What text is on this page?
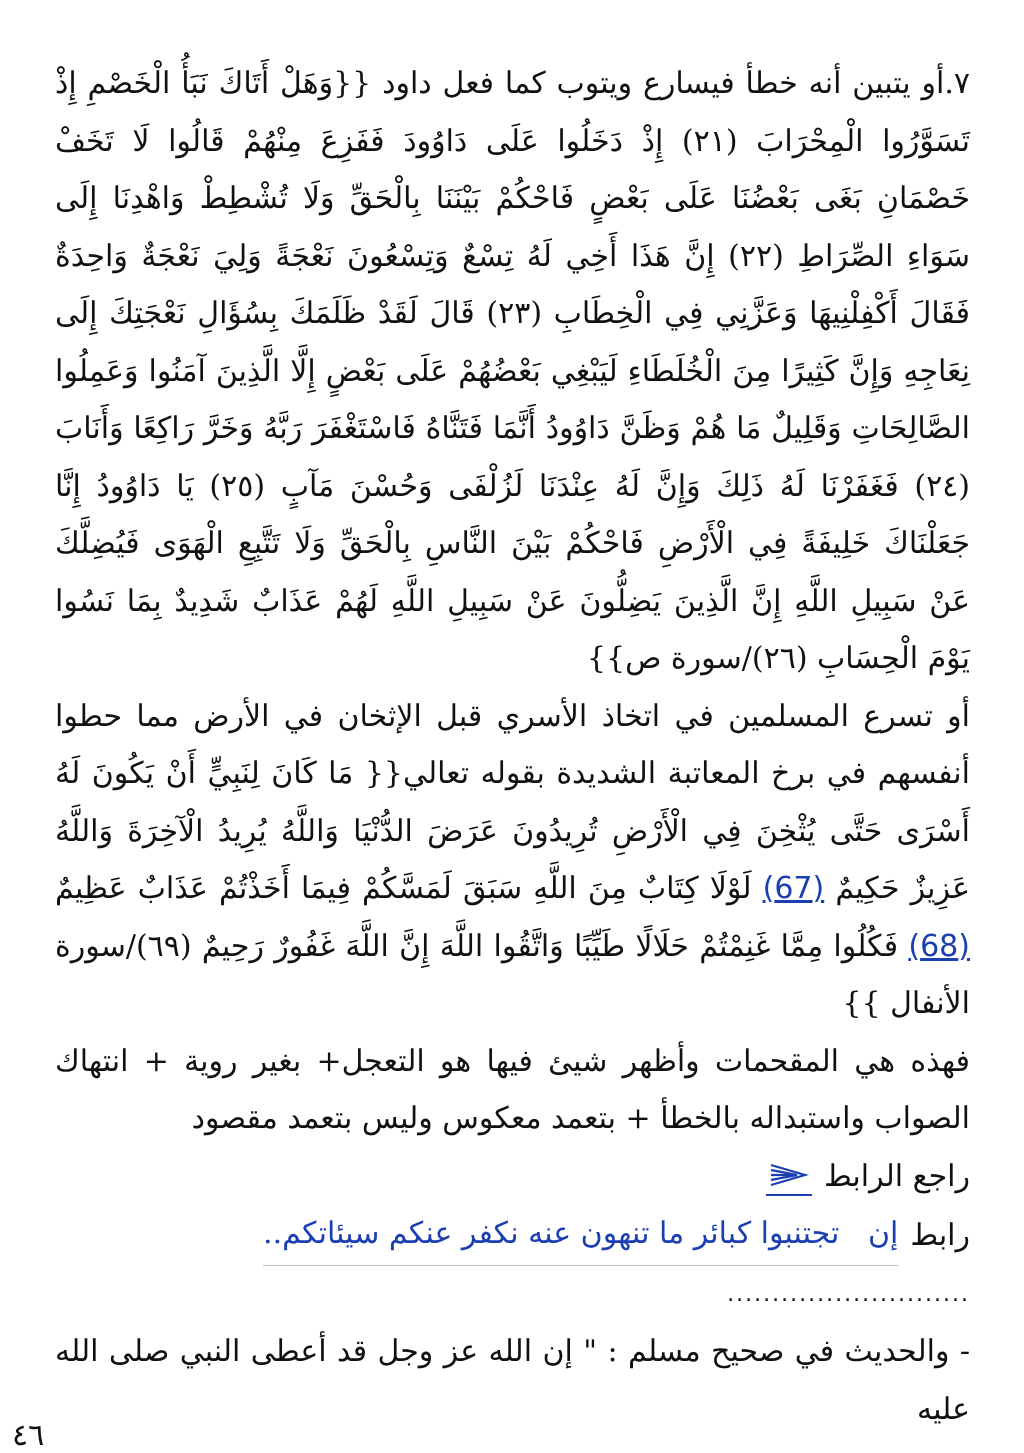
٧.أو يتبين أنه خطأ فيسارع ويتوب كما فعل داود {{وَهَلْ أَتَاكَ نَبَأُ الْخَصْمِ إِذْ تَسَوَّرُوا الْمِحْرَابَ (٢١) إِذْ دَخَلُوا عَلَى دَاوُودَ فَفَزِعَ مِنْهُمْ قَالُوا لَا تَخَفْ خَصْمَانِ بَغَى بَعْضُنَا عَلَى بَعْضٍ فَاحْكُمْ بَيْنَنَا بِالْحَقِّ وَلَا تُشْطِطْ وَاهْدِنَا إِلَى سَوَاءِ الصِّرَاطِ (٢٢) إِنَّ هَذَا أَخِي لَهُ تِسْعٌ وَتِسْعُونَ نَعْجَةً وَلِيَ نَعْجَةٌ وَاحِدَةٌ فَقَالَ أَكْفِلْنِيهَا وَعَزَّنِي فِي الْخِطَابِ (٢٣) قَالَ لَقَدْ ظَلَمَكَ بِسُؤَالِ نَعْجَتِكَ إِلَى نِعَاجِهِ وَإِنَّ كَثِيرًا مِنَ الْخُلَطَاءِ لَيَبْغِي بَعْضُهُمْ عَلَى بَعْضٍ إِلَّا الَّذِينَ آمَنُوا وَعَمِلُوا الصَّالِحَاتِ وَقَلِيلٌ مَا هُمْ وَظَنَّ دَاوُودُ أَنَّمَا فَتَنَّاهُ فَاسْتَغْفَرَ رَبَّهُ وَخَرَّ رَاكِعًا وَأَنَابَ (٢٤) فَغَفَرْنَا لَهُ ذَلِكَ وَإِنَّ لَهُ عِنْدَنَا لَزُلْفَى وَحُسْنَ مَآبٍ (٢٥) يَا دَاوُودُ إِنَّا جَعَلْنَاكَ خَلِيفَةً فِي الْأَرْضِ فَاحْكُمْ بَيْنَ النَّاسِ بِالْحَقِّ وَلَا تَتَّبِعِ الْهَوَى فَيُضِلَّكَ عَنْ سَبِيلِ اللَّهِ إِنَّ الَّذِينَ يَضِلُّونَ عَنْ سَبِيلِ اللَّهِ لَهُمْ عَذَابٌ شَدِيدٌ بِمَا نَسُوا يَوْمَ الْحِسَابِ (٢٦)/سورة ص}}

أو تسرع المسلمين في اتخاذ الأسري قبل الإثخان في الأرض مما حطوا أنفسهم في برخ المعاتبة الشديدة بقوله تعالي{{ مَا كَانَ لِنَبِيٍّ أَنْ يَكُونَ لَهُ أَسْرَى حَتَّى يُثْخِنَ فِي الْأَرْضِ تُرِيدُونَ عَرَضَ الدُّنْيَا وَاللَّهُ يُرِيدُ الْآخِرَةَ وَاللَّهُ عَزِيزٌ حَكِيمٌ (67) لَوْلَا كِتَابٌ مِنَ اللَّهِ سَبَقَ لَمَسَّكُمْ فِيمَا أَخَذْتُمْ عَذَابٌ عَظِيمٌ (68) فَكُلُوا مِمَّا غَنِمْتُمْ حَلَالًا طَيِّبًا وَاتَّقُوا اللَّهَ إِنَّ اللَّهَ غَفُورٌ رَحِيمٌ (٦٩)/سورة الأنفال }}

فهذه هي المقحمات وأظهر شيئ فيها هو التعجل+ بغير روية + انتهاك الصواب واستبداله بالخطأ + بتعمد معكوس وليس بتعمد مقصود

راجع الرابط
رابط
إن   تجتنبوا كبائر ما تنهون عنه نكفر عنكم سيئاتكم..
...........................

- والحديث في صحيح مسلم : " إن الله عز وجل قد أعطى النبي صلى الله عليه

٤٦
